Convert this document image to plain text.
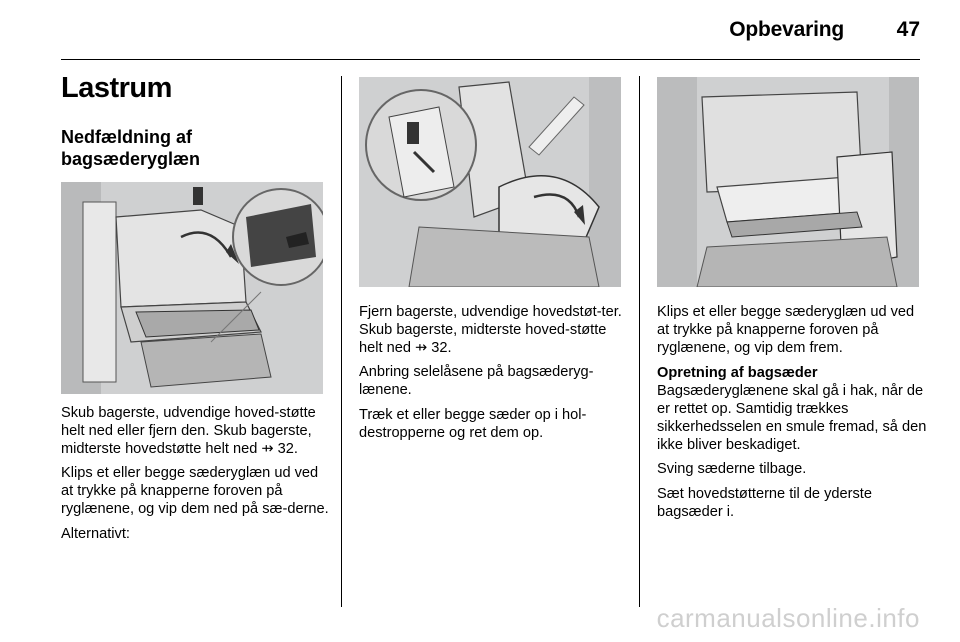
Opbevaring	47
Lastrum
Nedfældning af
bagsæderyglæn

Skub bagerste, udvendige hoved-støtte helt ned eller fjern den. Skub bagerste, midterste hovedstøtte helt ned ⇸ 32.

Klips et eller begge sæderyglæn ud ved at trykke på knapperne foroven på ryglænene, og vip dem ned på sæ-derne.

Alternativt:

Fjern bagerste, udvendige hovedstøt-ter. Skub bagerste, midterste hoved-støtte helt ned ⇸ 32.

Anbring selelåsene på bagsæderyg-lænene.

Træk et eller begge sæder op i hol-destropperne og ret dem op.

Klips et eller begge sæderyglæn ud ved at trykke på knapperne foroven på ryglænene, og vip dem frem.

Opretning af bagsæder

Bagsæderyglænene skal gå i hak, når de er rettet op. Samtidig trækkes sikkerhedsselen en smule fremad, så den ikke bliver beskadiget.

Sving sæderne tilbage.

Sæt hovedstøtterne til de yderste bagsæder i.

carmanualsonline.info
